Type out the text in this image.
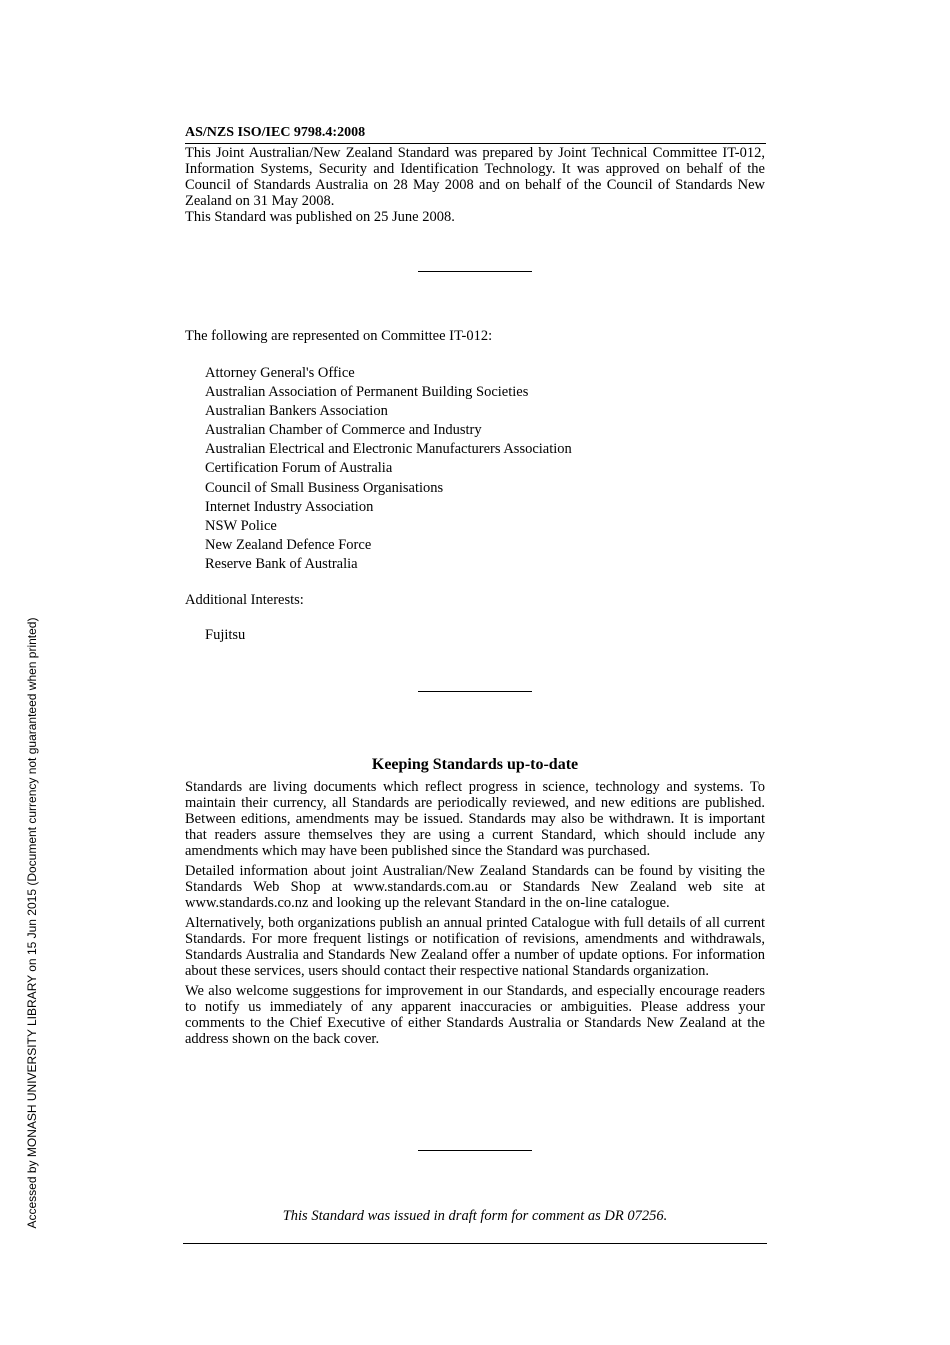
Accessed by MONASH UNIVERSITY LIBRARY on 15 Jun 2015 (Document currency not guaranteed when printed)
AS/NZS ISO/IEC 9798.4:2008

This Joint Australian/New Zealand Standard was prepared by Joint Technical Committee IT-012, Information Systems, Security and Identification Technology. It was approved on behalf of the Council of Standards Australia on 28 May 2008 and on behalf of the Council of Standards New Zealand on 31 May 2008.

This Standard was published on 25 June 2008.

The following are represented on Committee IT-012:
Attorney General's Office
Australian Association of Permanent Building Societies
Australian Bankers Association
Australian Chamber of Commerce and Industry
Australian Electrical and Electronic Manufacturers Association
Certification Forum of Australia
Council of Small Business Organisations
Internet Industry Association
NSW Police
New Zealand Defence Force
Reserve Bank of Australia
Additional Interests:
Fujitsu
Keeping Standards up-to-date

Standards are living documents which reflect progress in science, technology and systems. To maintain their currency, all Standards are periodically reviewed, and new editions are published. Between editions, amendments may be issued. Standards may also be withdrawn. It is important that readers assure themselves they are using a current Standard, which should include any amendments which may have been published since the Standard was purchased.

Detailed information about joint Australian/New Zealand Standards can be found by visiting the Standards Web Shop at www.standards.com.au or Standards New Zealand web site at www.standards.co.nz and looking up the relevant Standard in the on-line catalogue.

Alternatively, both organizations publish an annual printed Catalogue with full details of all current Standards. For more frequent listings or notification of revisions, amendments and withdrawals, Standards Australia and Standards New Zealand offer a number of update options. For information about these services, users should contact their respective national Standards organization.

We also welcome suggestions for improvement in our Standards, and especially encourage readers to notify us immediately of any apparent inaccuracies or ambiguities. Please address your comments to the Chief Executive of either Standards Australia or Standards New Zealand at the address shown on the back cover.

This Standard was issued in draft form for comment as DR 07256.
